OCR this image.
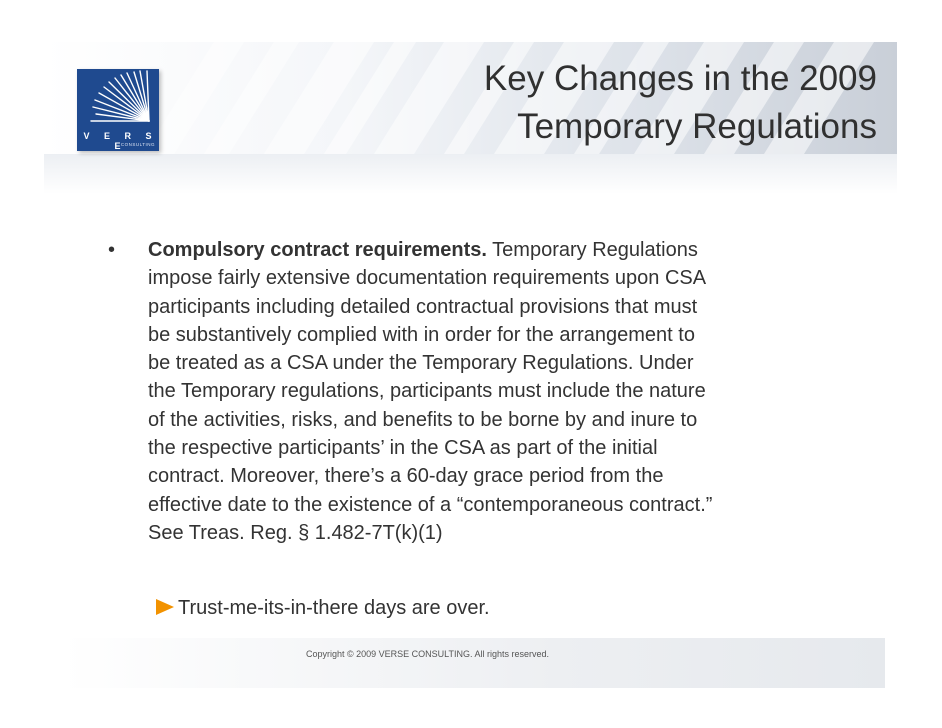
V E R S E
CONSULTING
Key Changes in the 2009
Temporary Regulations
•	Compulsory contract requirements. Temporary Regulations
impose fairly extensive documentation requirements upon CSA
participants including detailed contractual provisions that must
be substantively complied with in order for the arrangement to
be treated as a CSA under the Temporary Regulations. Under
the Temporary regulations, participants must include the nature
of the activities, risks, and benefits to be borne by and inure to
the respective participants’ in the CSA as part of the initial
contract. Moreover, there’s a 60-day grace period from the
effective date to the existence of a “contemporaneous contract.”
See Treas. Reg. § 1.482-7T(k)(1)
Trust-me-its-in-there days are over.
Copyright © 2009 VERSE CONSULTING. All rights reserved.
